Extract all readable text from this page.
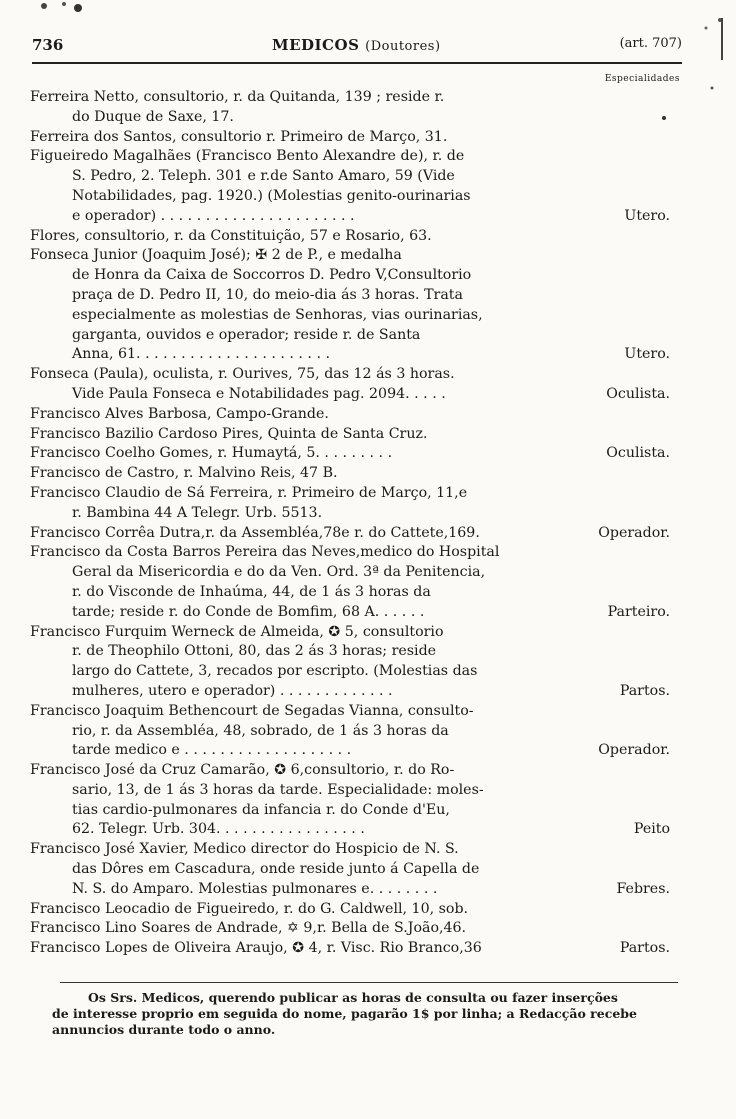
736	MEDICOS (Doutores)	(art. 707)
Especialidades
Ferreira Netto, consultorio, r. da Quitanda, 139 ; reside r.
do Duque de Saxe, 17.
Ferreira dos Santos, consultorio r. Primeiro de Março, 31.
Figueiredo Magalhães (Francisco Bento Alexandre de), r. de
S. Pedro, 2. Teleph. 301 e r.de Santo Amaro, 59 (Vide
Notabilidades, pag. 1920.) (Molestias genito-ourinarias
e operador) . . . . . . . . . . . . . . . . . . . . . .	Utero.
Flores, consultorio, r. da Constituição, 57 e Rosario, 63.
Fonseca Junior (Joaquim José); ✠ 2 de P., e medalha
de Honra da Caixa de Soccorros D. Pedro V,Consultorio
praça de D. Pedro II, 10, do meio-dia ás 3 horas. Trata
especialmente as molestias de Senhoras, vias ourinarias,
garganta, ouvidos e operador; reside r. de Santa
Anna, 61. . . . . . . . . . . . . . . . . . . . . .	Utero.
Fonseca (Paula), oculista, r. Ourives, 75, das 12 ás 3 horas.
Vide Paula Fonseca e Notabilidades pag. 2094. . . . .	Oculista.
Francisco Alves Barbosa, Campo-Grande.
Francisco Bazilio Cardoso Pires, Quinta de Santa Cruz.
Francisco Coelho Gomes, r. Humaytá, 5. . . . . . . . .	Oculista.
Francisco de Castro, r. Malvino Reis, 47 B.
Francisco Claudio de Sá Ferreira, r. Primeiro de Março, 11,e
r. Bambina 44 A Telegr. Urb. 5513.
Francisco Corrêa Dutra,r. da Assembléa,78e r. do Cattete,169.	Operador.
Francisco da Costa Barros Pereira das Neves,medico do Hospital
Geral da Misericordia e do da Ven. Ord. 3ª da Penitencia,
r. do Visconde de Inhaúma, 44, de 1 ás 3 horas da
tarde; reside r. do Conde de Bomfim, 68 A. . . . . .	Parteiro.
Francisco Furquim Werneck de Almeida, ✪ 5, consultorio
r. de Theophilo Ottoni, 80, das 2 ás 3 horas; reside
largo do Cattete, 3, recados por escripto. (Molestias das
mulheres, utero e operador) . . . . . . . . . . . . .	Partos.
Francisco Joaquim Bethencourt de Segadas Vianna, consulto-
rio, r. da Assembléa, 48, sobrado, de 1 ás 3 horas da
tarde medico e . . . . . . . . . . . . . . . . . . .	Operador.
Francisco José da Cruz Camarão, ✪ 6,consultorio, r. do Ro-
sario, 13, de 1 ás 3 horas da tarde. Especialidade: moles-
tias cardio-pulmonares da infancia r. do Conde d'Eu,
62. Telegr. Urb. 304. . . . . . . . . . . . . . . . .	Peito
Francisco José Xavier, Medico director do Hospicio de N. S.
das Dôres em Cascadura, onde reside junto á Capella de
N. S. do Amparo. Molestias pulmonares e. . . . . . . .	Febres.
Francisco Leocadio de Figueiredo, r. do G. Caldwell, 10, sob.
Francisco Lino Soares de Andrade, ✡ 9,r. Bella de S.João,46.
Francisco Lopes de Oliveira Araujo, ✪ 4, r. Visc. Rio Branco,36	Partos.
Os Srs. Medicos, querendo publicar as horas de consulta ou fazer inserções
de interesse proprio em seguida do nome, pagarão 1$ por linha; a Redacção recebe
annuncios durante todo o anno.
